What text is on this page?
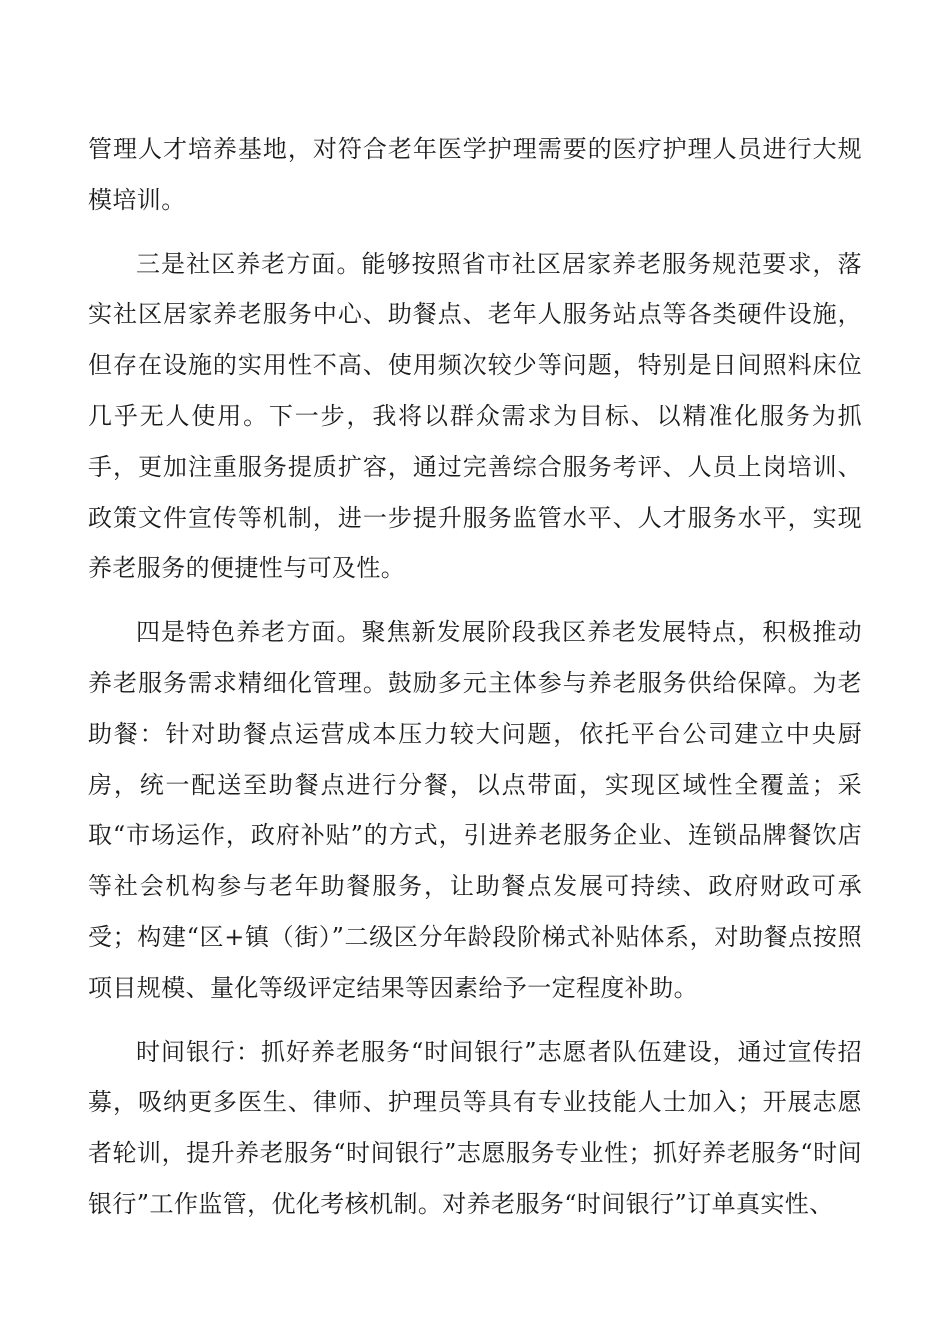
管理人才培养基地，对符合老年医学护理需要的医疗护理人员进行大规模培训。

三是社区养老方面。能够按照省市社区居家养老服务规范要求，落实社区居家养老服务中心、助餐点、老年人服务站点等各类硬件设施，但存在设施的实用性不高、使用频次较少等问题，特别是日间照料床位几乎无人使用。下一步，我将以群众需求为目标、以精准化服务为抓手，更加注重服务提质扩容，通过完善综合服务考评、人员上岗培训、政策文件宣传等机制，进一步提升服务监管水平、人才服务水平，实现养老服务的便捷性与可及性。

四是特色养老方面。聚焦新发展阶段我区养老发展特点，积极推动养老服务需求精细化管理。鼓励多元主体参与养老服务供给保障。为老助餐：针对助餐点运营成本压力较大问题，依托平台公司建立中央厨房，统一配送至助餐点进行分餐，以点带面，实现区域性全覆盖；采取“市场运作，政府补贴”的方式，引进养老服务企业、连锁品牌餐饮店等社会机构参与老年助餐服务，让助餐点发展可持续、政府财政可承受；构建“区+镇（街）”二级区分年龄段阶梯式补贴体系，对助餐点按照项目规模、量化等级评定结果等因素给予一定程度补助。

时间银行：抓好养老服务“时间银行”志愿者队伍建设，通过宣传招募，吸纳更多医生、律师、护理员等具有专业技能人士加入；开展志愿者轮训，提升养老服务“时间银行”志愿服务专业性；抓好养老服务“时间银行”工作监管，优化考核机制。对养老服务“时间银行”订单真实性、
